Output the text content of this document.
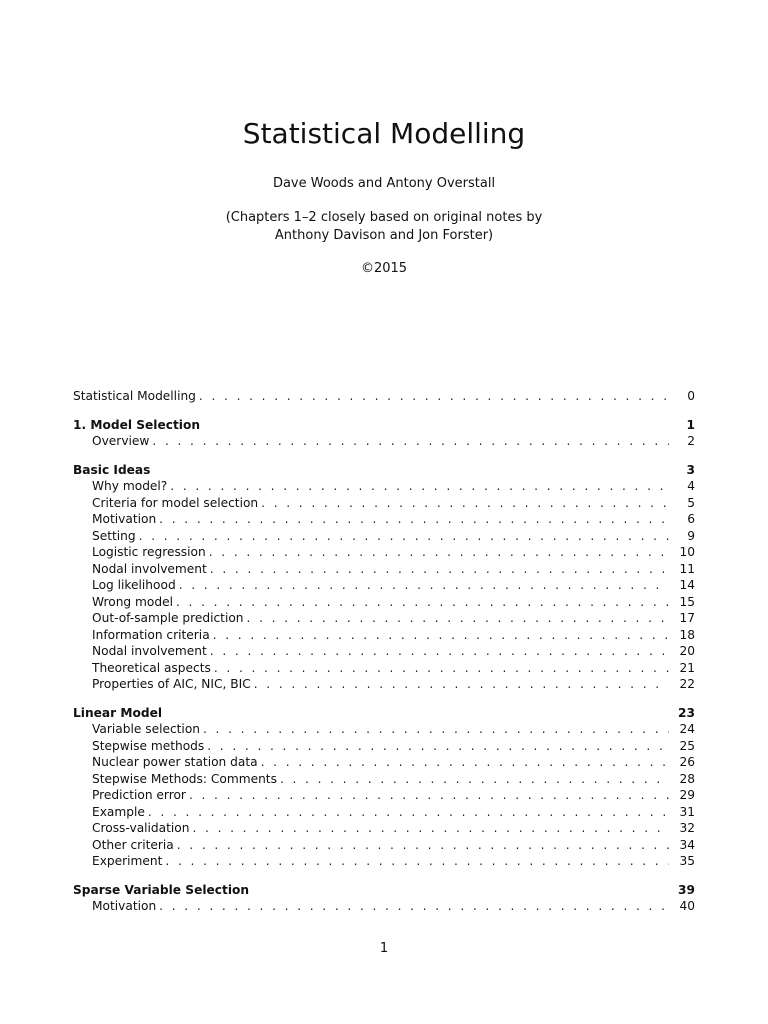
Statistical Modelling
Dave Woods and Antony Overstall
(Chapters 1–2 closely based on original notes by
Anthony Davison and Jon Forster)
©2015
Statistical Modelling . . .	0
1. Model Selection	1
Overview . . .	2
Basic Ideas	3
Why model? . . .	4
Criteria for model selection . . .	5
Motivation . . .	6
Setting . . .	9
Logistic regression . . .	10
Nodal involvement . . .	11
Log likelihood . . .	14
Wrong model . . .	15
Out-of-sample prediction . . .	17
Information criteria . . .	18
Nodal involvement . . .	20
Theoretical aspects . . .	21
Properties of AIC, NIC, BIC . . .	22
Linear Model	23
Variable selection . . .	24
Stepwise methods . . .	25
Nuclear power station data . . .	26
Stepwise Methods: Comments . . .	28
Prediction error . . .	29
Example . . .	31
Cross-validation . . .	32
Other criteria . . .	34
Experiment . . .	35
Sparse Variable Selection	39
Motivation . . .	40
1
